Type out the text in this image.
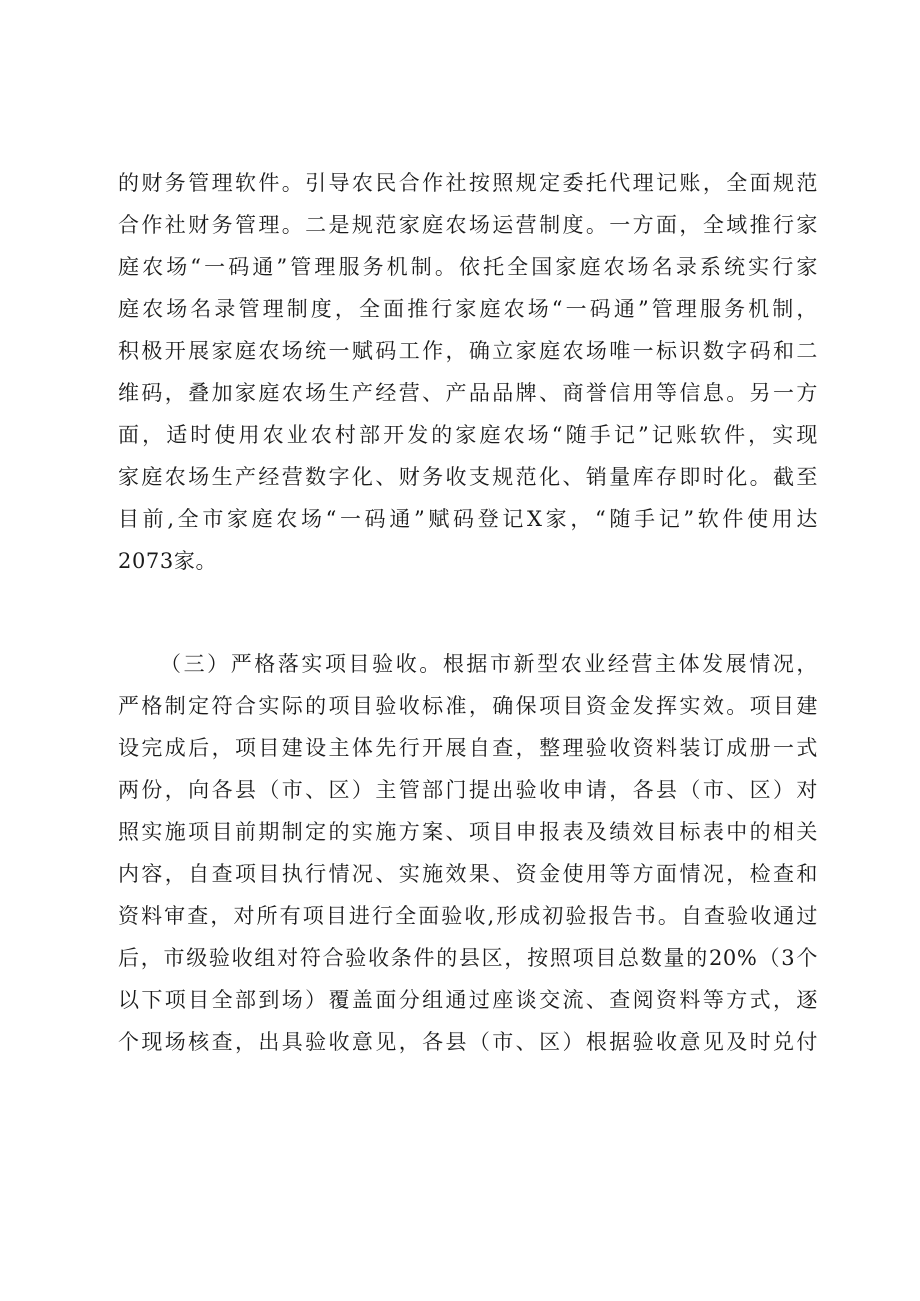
的财务管理软件。引导农民合作社按照规定委托代理记账，全面规范
合作社财务管理。二是规范家庭农场运营制度。一方面，全域推行家
庭农场“一码通”管理服务机制。依托全国家庭农场名录系统实行家
庭农场名录管理制度，全面推行家庭农场“一码通”管理服务机制，
积极开展家庭农场统一赋码工作，确立家庭农场唯一标识数字码和二
维码，叠加家庭农场生产经营、产品品牌、商誉信用等信息。另一方
面，适时使用农业农村部开发的家庭农场“随手记”记账软件，实现
家庭农场生产经营数字化、财务收支规范化、销量库存即时化。截至
目前,全市家庭农场“一码通”赋码登记X家，“随手记”软件使用达
2073家。
（三）严格落实项目验收。根据市新型农业经营主体发展情况，
严格制定符合实际的项目验收标准，确保项目资金发挥实效。项目建
设完成后，项目建设主体先行开展自查，整理验收资料装订成册一式
两份，向各县（市、区）主管部门提出验收申请，各县（市、区）对
照实施项目前期制定的实施方案、项目申报表及绩效目标表中的相关
内容，自查项目执行情况、实施效果、资金使用等方面情况，检查和
资料审查，对所有项目进行全面验收,形成初验报告书。自查验收通过
后，市级验收组对符合验收条件的县区，按照项目总数量的20%（3个
以下项目全部到场）覆盖面分组通过座谈交流、查阅资料等方式，逐
个现场核查，出具验收意见，各县（市、区）根据验收意见及时兑付
